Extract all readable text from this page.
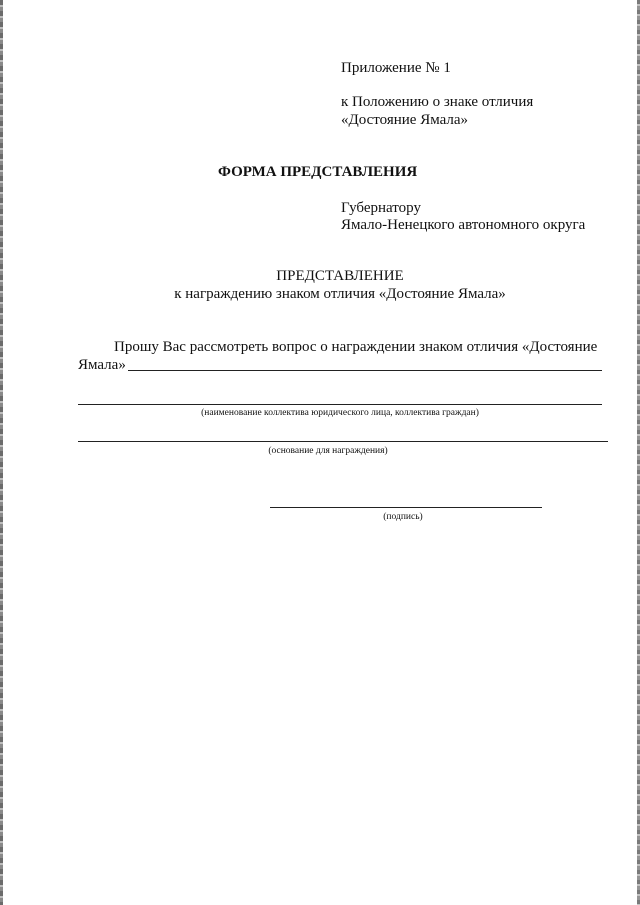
Приложение № 1
к Положению о знаке отличия
«Достояние Ямала»
ФОРМА ПРЕДСТАВЛЕНИЯ
Губернатору
Ямало-Ненецкого автономного округа
ПРЕДСТАВЛЕНИЕ
к награждению знаком отличия «Достояние Ямала»
Прошу Вас рассмотреть вопрос о награждении знаком отличия «Достояние
Ямала»
(наименование коллектива юридического лица, коллектива граждан)
(основание для награждения)
(подпись)
